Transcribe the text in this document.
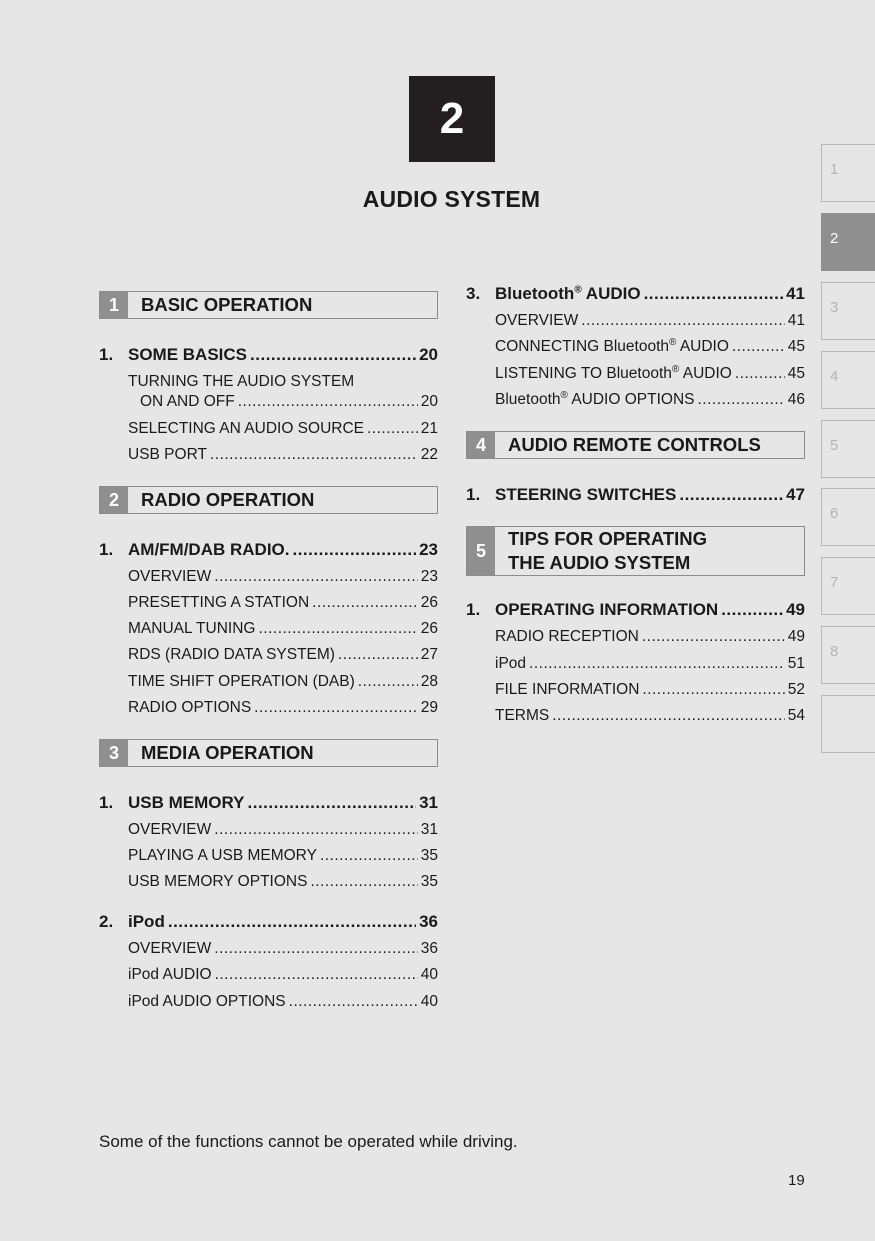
2
AUDIO SYSTEM
1	BASIC OPERATION
1. SOME BASICS .....	20
TURNING THE AUDIO SYSTEM
ON AND OFF .....	20
SELECTING AN AUDIO SOURCE .....	21
USB PORT .....	22
2	RADIO OPERATION
1. AM/FM/DAB RADIO. .....	23
OVERVIEW .....	23
PRESETTING A STATION .....	26
MANUAL TUNING .....	26
RDS (RADIO DATA SYSTEM) .....	27
TIME SHIFT OPERATION (DAB) .....	28
RADIO OPTIONS .....	29
3	MEDIA OPERATION
1. USB MEMORY .....	31
OVERVIEW .....	31
PLAYING A USB MEMORY .....	35
USB MEMORY OPTIONS .....	35
2. iPod .....	36
OVERVIEW .....	36
iPod AUDIO .....	40
iPod AUDIO OPTIONS .....	40
3. Bluetooth® AUDIO .....	41
OVERVIEW .....	41
CONNECTING Bluetooth® AUDIO .....	45
LISTENING TO Bluetooth® AUDIO .....	45
Bluetooth® AUDIO OPTIONS .....	46
4	AUDIO REMOTE CONTROLS
1. STEERING SWITCHES .....	47
5
TIPS FOR OPERATING
THE AUDIO SYSTEM
1. OPERATING INFORMATION .....	49
RADIO RECEPTION .....	49
iPod .....	51
FILE INFORMATION .....	52
TERMS .....	54
1
2
3
4
5
6
7
8
Some of the functions cannot be operated while driving.
19
